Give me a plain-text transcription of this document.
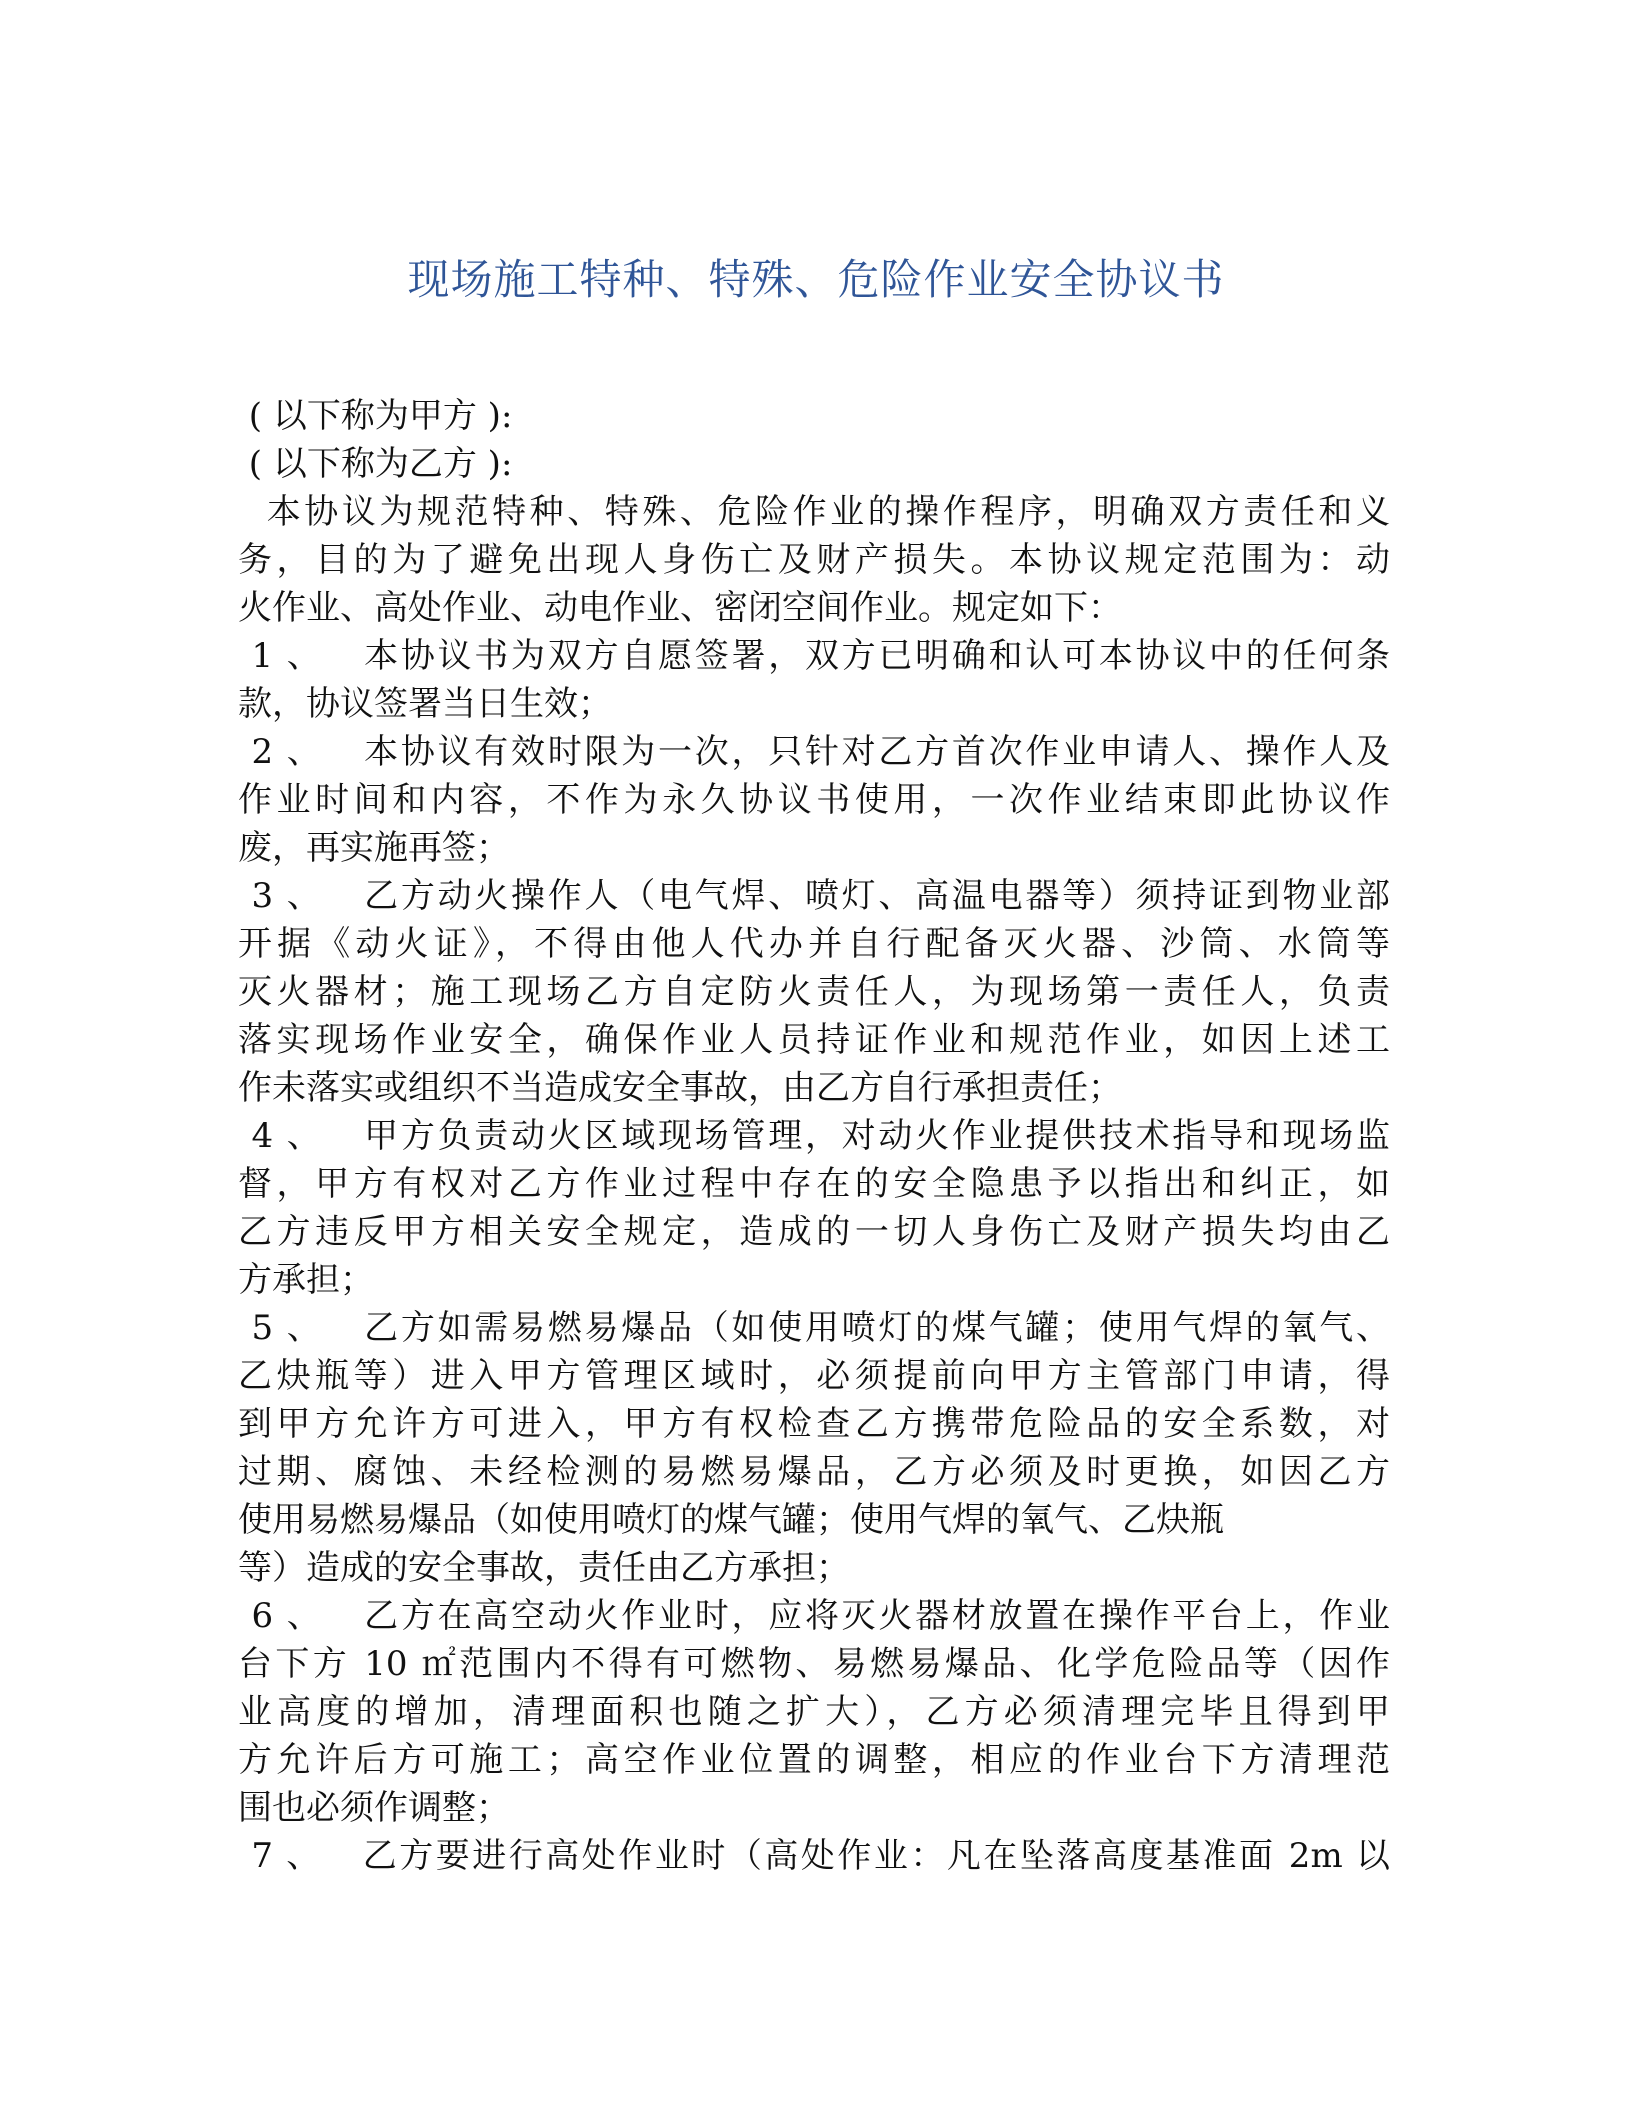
现场施工特种、特殊、危险作业安全协议书
( 以下称为甲方 ):
( 以下称为乙方 ):
本协议为规范特种、特殊、危险作业的操作程序，明确双方责任和义
务，目的为了避免出现人身伤亡及财产损失。本协议规定范围为：动
火作业、高处作业、动电作业、密闭空间作业。规定如下：
1 、   本协议书为双方自愿签署，双方已明确和认可本协议中的任何条
款，协议签署当日生效；
2 、   本协议有效时限为一次，只针对乙方首次作业申请人、操作人及
作业时间和内容，不作为永久协议书使用，一次作业结束即此协议作
废，再实施再签；
3 、   乙方动火操作人（电气焊、喷灯、高温电器等）须持证到物业部
开据《动火证》，不得由他人代办并自行配备灭火器、沙筒、水筒等
灭火器材；施工现场乙方自定防火责任人，为现场第一责任人，负责
落实现场作业安全，确保作业人员持证作业和规范作业，如因上述工
作未落实或组织不当造成安全事故，由乙方自行承担责任；
4 、   甲方负责动火区域现场管理，对动火作业提供技术指导和现场监
督，甲方有权对乙方作业过程中存在的安全隐患予以指出和纠正，如
乙方违反甲方相关安全规定，造成的一切人身伤亡及财产损失均由乙
方承担；
5 、   乙方如需易燃易爆品（如使用喷灯的煤气罐；使用气焊的氧气、
乙炔瓶等）进入甲方管理区域时，必须提前向甲方主管部门申请，得
到甲方允许方可进入，甲方有权检查乙方携带危险品的安全系数，对
过期、腐蚀、未经检测的易燃易爆品，乙方必须及时更换，如因乙方
使用易燃易爆品（如使用喷灯的煤气罐；使用气焊的氧气、乙炔瓶
等）造成的安全事故，责任由乙方承担；
6 、   乙方在高空动火作业时，应将灭火器材放置在操作平台上，作业
台下方 10 ㎡范围内不得有可燃物、易燃易爆品、化学危险品等（因作
业高度的增加，清理面积也随之扩大），乙方必须清理完毕且得到甲
方允许后方可施工；高空作业位置的调整，相应的作业台下方清理范
围也必须作调整；
7 、   乙方要进行高处作业时（高处作业：凡在坠落高度基准面 2m 以
